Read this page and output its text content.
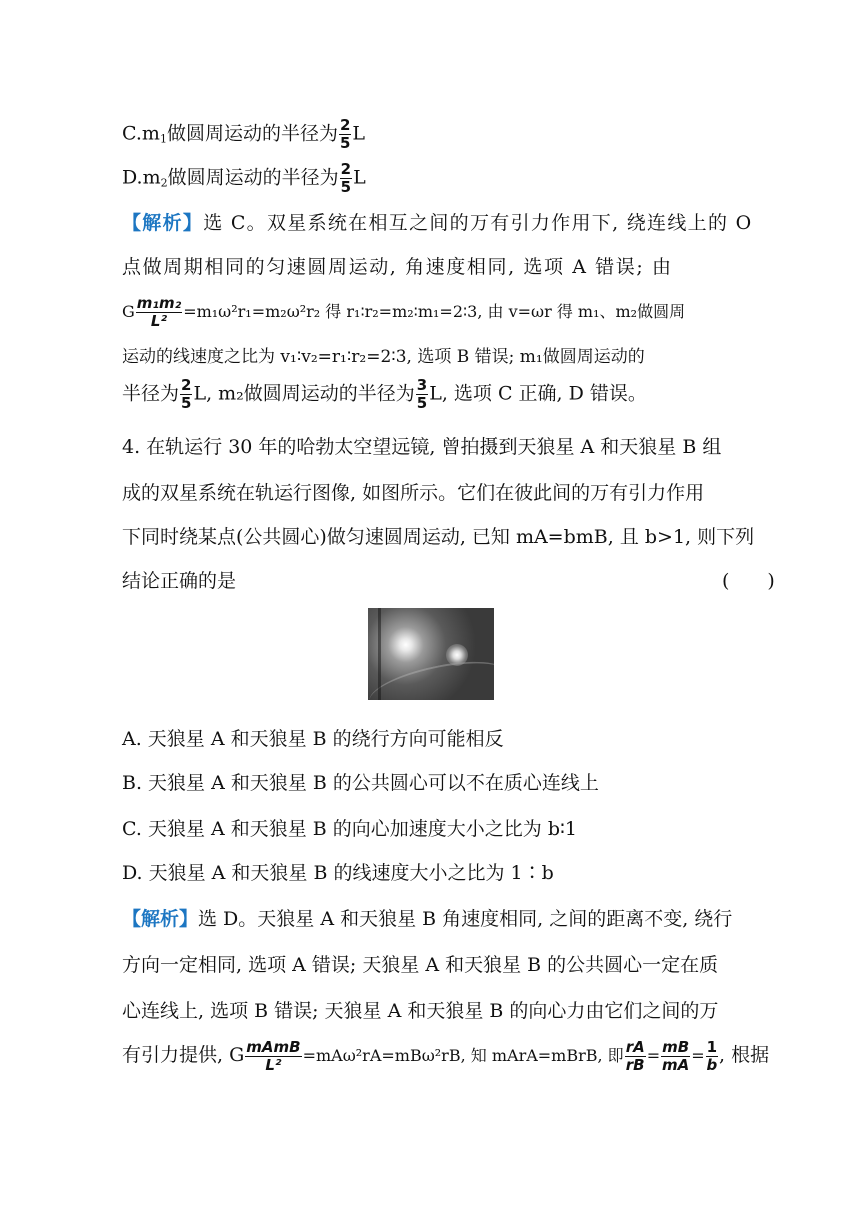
$C.m_1$做圆周运动的半径为 $\frac{2}{5}$ L
$D.m_2$做圆周运动的半径为 $\frac{2}{5}$ L
【解析】选 C。双星系统在相互之间的万有引力作用下, 绕连线上的 O
点做周期相同的匀速圆周运动, 角速度相同, 选项 A 错误; 由
G $\frac{\text{m₁m₂}}{\text{L²}} =m_1\omega^2r_1=m_2\omega^2r_2$ 得 r₁∶r₂=m₂∶m₁=2∶3, 由 v=ωr 得 m₁、m₂做圆周
运动的线速度之比为 v₁∶v₂=r₁∶r₂=2∶3, 选项 B 错误; m₁做圆周运动的
半径为 $\frac{2}{5} L$, m₂做圆周运动的半径为 $\frac{3}{5} L$, 选项 C 正确, D 错误。
4. 在轨运行 30 年的哈勃太空望远镜, 曾拍摄到天狼星 A 和天狼星 B 组
成的双星系统在轨运行图像, 如图所示。它们在彼此间的万有引力作用
下同时绕某点(公共圆心)做匀速圆周运动, 已知 mA=bmB, 且 b>1, 则下列
结论正确的是	(　　)
A. 天狼星 A 和天狼星 B 的绕行方向可能相反
B. 天狼星 A 和天狼星 B 的公共圆心可以不在质心连线上
C. 天狼星 A 和天狼星 B 的向心加速度大小之比为 b∶1
D. 天狼星 A 和天狼星 B 的线速度大小之比为 1∶b
【解析】选 D。天狼星 A 和天狼星 B 角速度相同, 之间的距离不变, 绕行
方向一定相同, 选项 A 错误; 天狼星 A 和天狼星 B 的公共圆心一定在质
心连线上, 选项 B 错误; 天狼星 A 和天狼星 B 的向心力由它们之间的万
有引力提供, G $\frac{\text{mAmB}}{\text{L²}} =mA\omega^2rA=mB\omega^2rB$, 知 mArA=mBrB, 即 $\frac{rA}{rB} = \frac{mB}{mA} = \frac{1}{b}$ , 根据
